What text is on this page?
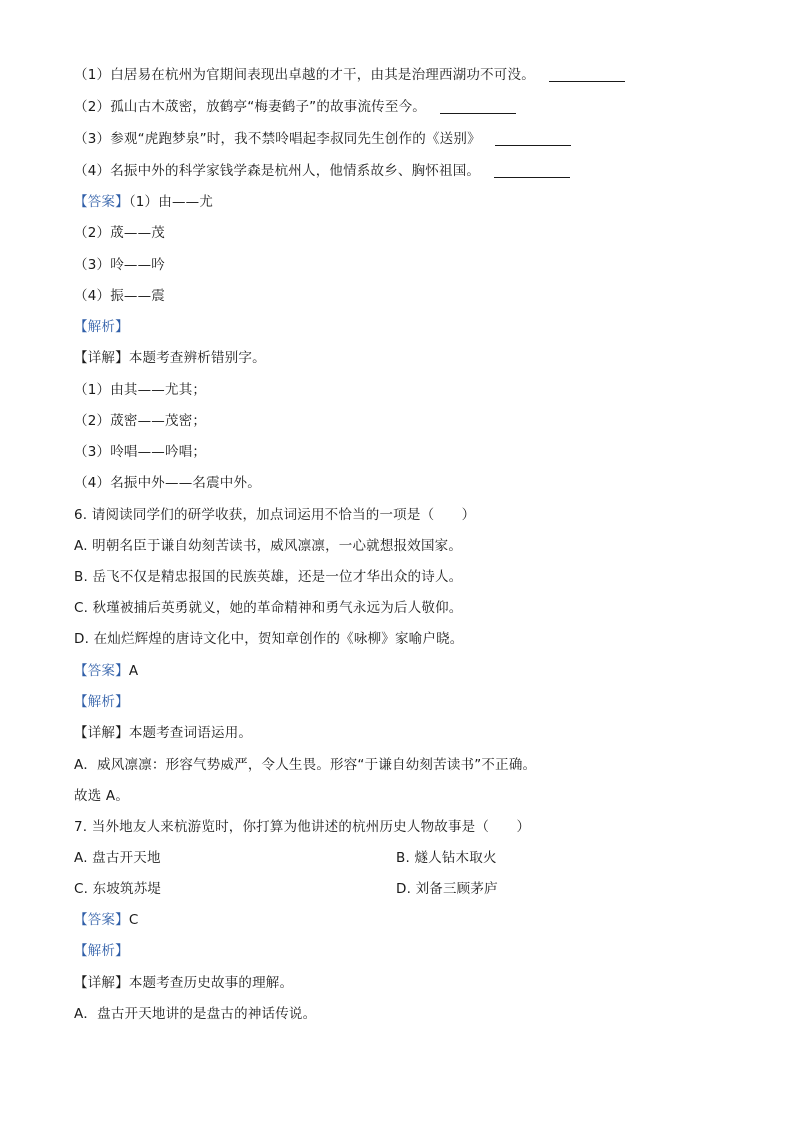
（1）白居易在杭州为官期间表现出卓越的才干，由其是治理西湖功不可没。
（2）孤山古木荿密，放鹤亭“梅妻鹤子”的故事流传至今。
（3）参观“虎跑梦泉”时，我不禁呤唱起李叔同先生创作的《送别》
（4）名振中外的科学家钱学森是杭州人，他情系故乡、胸怀祖国。
【答案】（1）由——尤
（2）荿——茂
（3）呤——吟
（4）振——震
【解析】
【详解】本题考查辨析错别字。
（1）由其——尤其；
（2）荿密——茂密；
（3）呤唱——吟唱；
（4）名振中外——名震中外。
6. 请阅读同学们的研学收获，加点词运用不恰当的一项是（　　）
A. 明朝名臣于谦自幼刻苦读书，威风凛凛，一心就想报效国家。
B. 岳飞不仅是精忠报国的民族英雄，还是一位才华出众的诗人。
C. 秋瑾被捕后英勇就义，她的革命精神和勇气永远为后人敬仰。
D. 在灿烂辉煌的唐诗文化中，贺知章创作的《咏柳》家喻户晓。
【答案】A
【解析】
【详解】本题考查词语运用。
A．威风凛凛：形容气势威严，令人生畏。形容“于谦自幼刻苦读书”不正确。
故选 A。
7. 当外地友人来杭游览时，你打算为他讲述的杭州历史人物故事是（　　）
A. 盘古开天地	B. 燧人钻木取火
C. 东坡筑苏堤	D. 刘备三顾茅庐
【答案】C
【解析】
【详解】本题考查历史故事的理解。
A．盘古开天地讲的是盘古的神话传说。
